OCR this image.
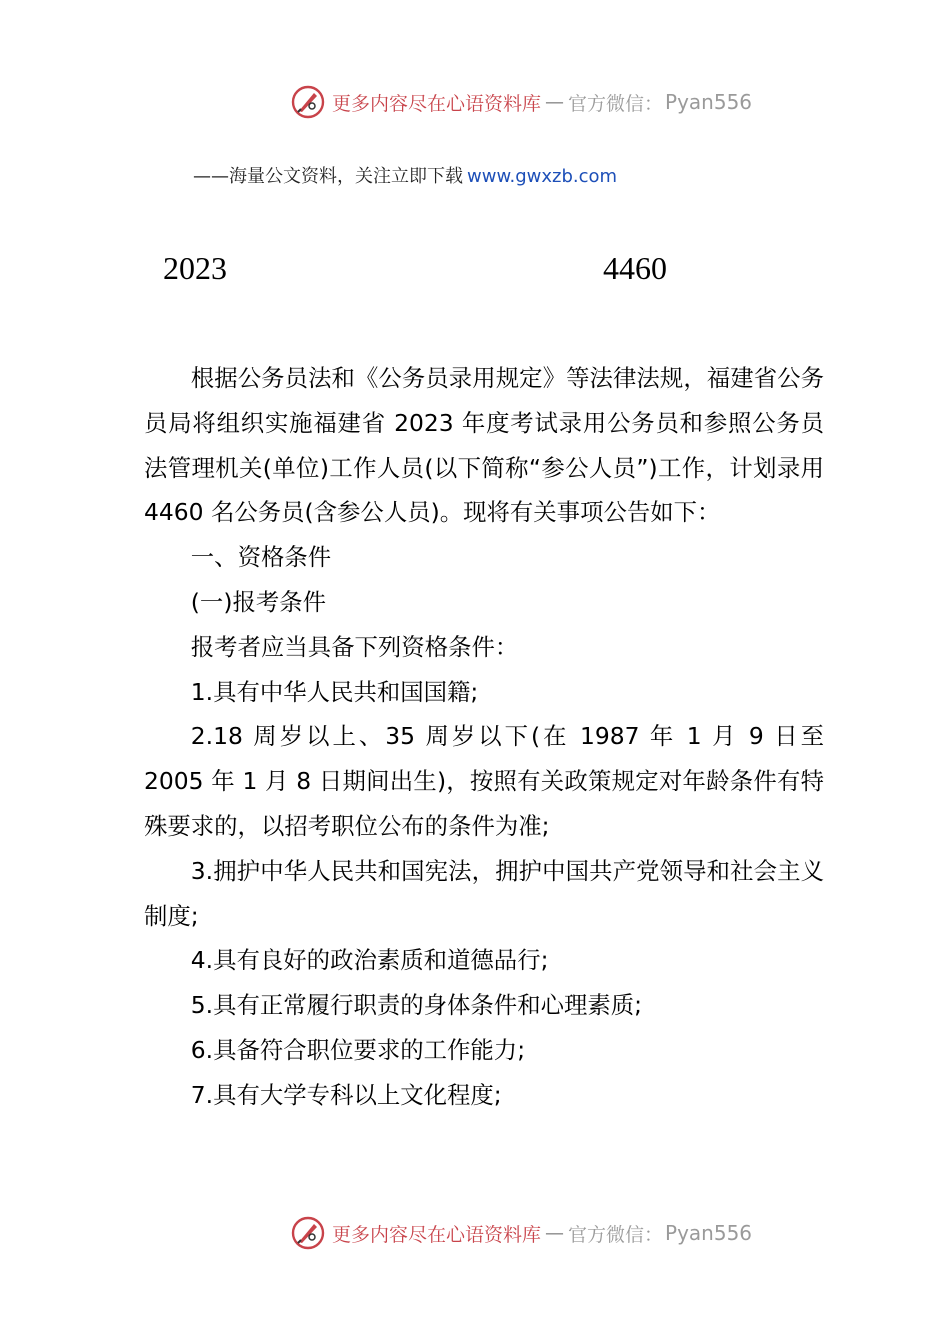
更多内容尽在心语资料库 — 官方微信： Pyan556
——海量公文资料，关注立即下载 www.gwxzb.com
2023	4460

根据公务员法和《公务员录用规定》等法律法规，福建省公务员局将组织实施福建省 2023 年度考试录用公务员和参照公务员法管理机关(单位)工作人员(以下简称“参公人员”)工作，计划录用 4460 名公务员(含参公人员)。现将有关事项公告如下：

一、资格条件

(一)报考条件

报考者应当具备下列资格条件：

1.具有中华人民共和国国籍;

2.18 周岁以上、35 周岁以下(在 1987 年 1 月 9 日至 2005 年 1 月 8 日期间出生)，按照有关政策规定对年龄条件有特殊要求的，以招考职位公布的条件为准;

3.拥护中华人民共和国宪法，拥护中国共产党领导和社会主义制度;

4.具有良好的政治素质和道德品行;

5.具有正常履行职责的身体条件和心理素质;

6.具备符合职位要求的工作能力;

7.具有大学专科以上文化程度;

更多内容尽在心语资料库 — 官方微信： Pyan556
